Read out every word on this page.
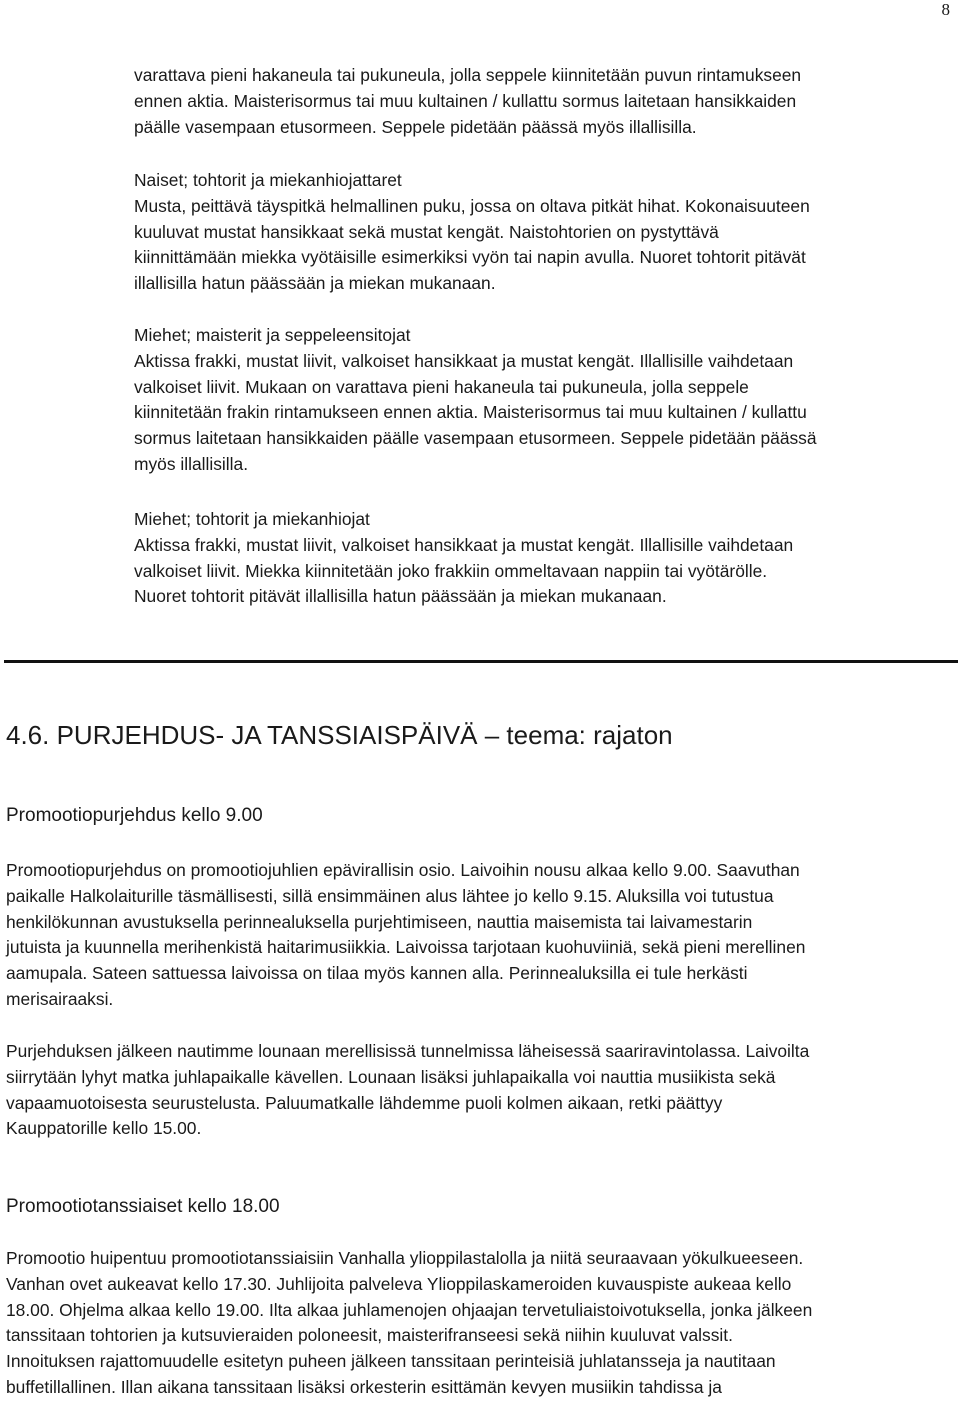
8

varattava pieni hakaneula tai pukuneula, jolla seppele kiinnitetään puvun rintamukseen
ennen aktia. Maisterisormus tai muu kultainen / kullattu sormus laitetaan hansikkaiden
päälle vasempaan etusormeen. Seppele pidetään päässä myös illallisilla.

Naiset; tohtorit ja miekanhiojattaret
Musta, peittävä täyspitkä helmallinen puku, jossa on oltava pitkät hihat. Kokonaisuuteen
kuuluvat mustat hansikkaat sekä mustat kengät. Naistohtorien on pystyttävä
kiinnittämään miekka vyötäisille esimerkiksi vyön tai napin avulla. Nuoret tohtorit pitävät
illallisilla hatun päässään ja miekan mukanaan.

Miehet; maisterit ja seppeleensitojat
Aktissa frakki, mustat liivit, valkoiset hansikkaat ja mustat kengät. Illallisille vaihdetaan
valkoiset liivit. Mukaan on varattava pieni hakaneula tai pukuneula, jolla seppele
kiinnitetään frakin rintamukseen ennen aktia. Maisterisormus tai muu kultainen / kullattu
sormus laitetaan hansikkaiden päälle vasempaan etusormeen. Seppele pidetään päässä
myös illallisilla.

Miehet; tohtorit ja miekanhiojat
Aktissa frakki, mustat liivit, valkoiset hansikkaat ja mustat kengät. Illallisille vaihdetaan
valkoiset liivit. Miekka kiinnitetään joko frakkiin ommeltavaan nappiin tai vyötärölle.
Nuoret tohtorit pitävät illallisilla hatun päässään ja miekan mukanaan.

4.6. PURJEHDUS- JA TANSSIAISPÄIVÄ – teema: rajaton
Promootiopurjehdus kello 9.00

Promootiopurjehdus on promootiojuhlien epävirallisin osio. Laivoihin nousu alkaa kello 9.00. Saavuthan
paikalle Halkolaiturille täsmällisesti, sillä ensimmäinen alus lähtee jo kello 9.15. Aluksilla voi tutustua
henkilökunnan avustuksella perinnealuksella purjehtimiseen, nauttia maisemista tai laivamestarin
jutuista ja kuunnella merihenkistä haitarimusiikkia. Laivoissa tarjotaan kuohuviiniä, sekä pieni merellinen
aamupala. Sateen sattuessa laivoissa on tilaa myös kannen alla. Perinnealuksilla ei tule herkästi
merisairaaksi.

Purjehduksen jälkeen nautimme lounaan merellisissä tunnelmissa läheisessä saariravintolassa. Laivoilta
siirrytään lyhyt matka juhlapaikalle kävellen. Lounaan lisäksi juhlapaikalla voi nauttia musiikista sekä
vapaamuotoisesta seurustelusta. Paluumatkalle lähdemme puoli kolmen aikaan, retki päättyy
Kauppatorille kello 15.00.

Promootiotanssiaiset kello 18.00

Promootio huipentuu promootiotanssiaisiin Vanhalla ylioppilastalolla ja niitä seuraavaan yökulkueeseen.
Vanhan ovet aukeavat kello 17.30. Juhlijoita palveleva Ylioppilaskameroiden kuvauspiste aukeaa kello
18.00. Ohjelma alkaa kello 19.00. Ilta alkaa juhlamenojen ohjaajan tervetuliaistoivotuksella, jonka jälkeen
tanssitaan tohtorien ja kutsuvieraiden poloneesit, maisterifranseesi sekä niihin kuuluvat valssit.
Innoituksen rajattomuudelle esitetyn puheen jälkeen tanssitaan perinteisiä juhlatansseja ja nautitaan
buffetillallinen. Illan aikana tanssitaan lisäksi orkesterin esittämän kevyen musiikin tahdissa ja
